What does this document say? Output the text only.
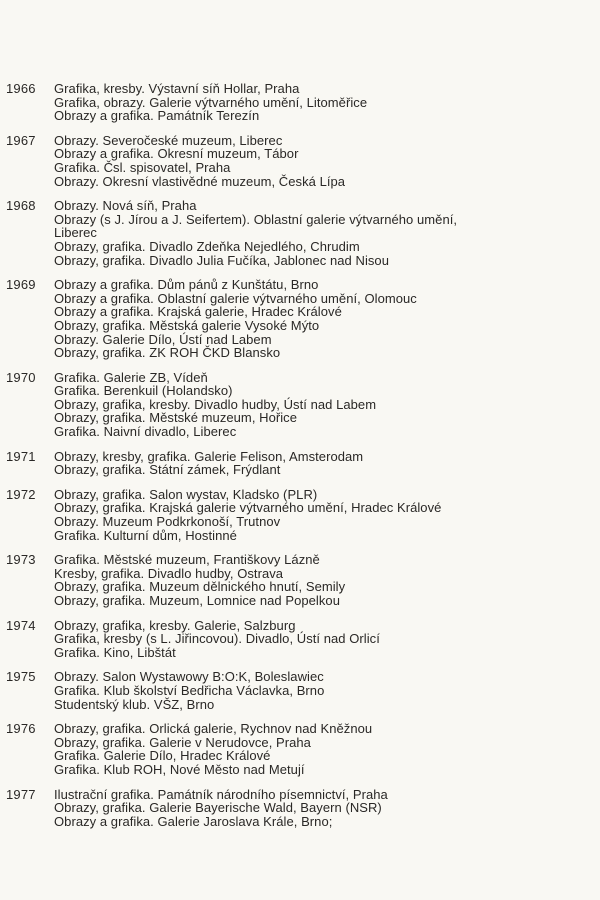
1966	Grafika, kresby. Výstavní síň Hollar, Praha
Grafika, obrazy. Galerie výtvarného umění, Litoměřice
Obrazy a grafika. Památník Terezín
1967	Obrazy. Severočeské muzeum, Liberec
Obrazy a grafika. Okresní muzeum, Tábor
Grafika. Čsl. spisovatel, Praha
Obrazy. Okresní vlastivědné muzeum, Česká Lípa
1968	Obrazy. Nová síň, Praha
Obrazy (s J. Jírou a J. Seifertem). Oblastní galerie výtvarného umění,
Liberec
Obrazy, grafika. Divadlo Zdeňka Nejedlého, Chrudim
Obrazy, grafika. Divadlo Julia Fučíka, Jablonec nad Nisou
1969	Obrazy a grafika. Dům pánů z Kunštátu, Brno
Obrazy a grafika. Oblastní galerie výtvarného umění, Olomouc
Obrazy a grafika. Krajská galerie, Hradec Králové
Obrazy, grafika. Městská galerie Vysoké Mýto
Obrazy. Galerie Dílo, Ústí nad Labem
Obrazy, grafika. ZK ROH ČKD Blansko
1970	Grafika. Galerie ZB, Vídeň
Grafika. Berenkuil (Holandsko)
Obrazy, grafika, kresby. Divadlo hudby, Ústí nad Labem
Obrazy, grafika. Městské muzeum, Hořice
Grafika. Naivní divadlo, Liberec
1971	Obrazy, kresby, grafika. Galerie Felison, Amsterodam
Obrazy, grafika. Státní zámek, Frýdlant
1972	Obrazy, grafika. Salon wystav, Kladsko (PLR)
Obrazy, grafika. Krajská galerie výtvarného umění, Hradec Králové
Obrazy. Muzeum Podkrkonoší, Trutnov
Grafika. Kulturní dům, Hostinné
1973	Grafika. Městské muzeum, Františkovy Lázně
Kresby, grafika. Divadlo hudby, Ostrava
Obrazy, grafika. Muzeum dělnického hnutí, Semily
Obrazy, grafika. Muzeum, Lomnice nad Popelkou
1974	Obrazy, grafika, kresby. Galerie, Salzburg
Grafika, kresby (s L. Jiřincovou). Divadlo, Ústí nad Orlicí
Grafika. Kino, Libštát
1975	Obrazy. Salon Wystawowy B:O:K, Boleslawiec
Grafika. Klub školství Bedřicha Václavka, Brno
Studentský klub. VŠZ, Brno
1976	Obrazy, grafika. Orlická galerie, Rychnov nad Kněžnou
Obrazy, grafika. Galerie v Nerudovce, Praha
Grafika. Galerie Dílo, Hradec Králové
Grafika. Klub ROH, Nové Město nad Metují
1977	Ilustrační grafika. Památník národního písemnictví, Praha
Obrazy, grafika. Galerie Bayerische Wald, Bayern (NSR)
Obrazy a grafika. Galerie Jaroslava Krále, Brno;
